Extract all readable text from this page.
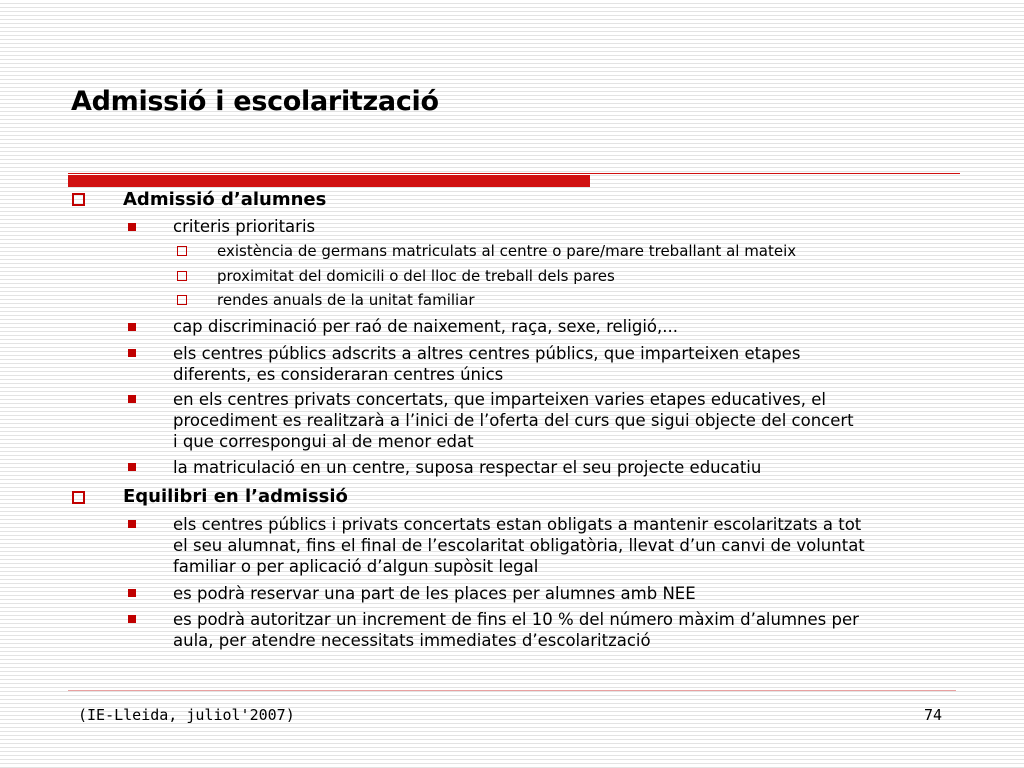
Admissió i escolarització
Admissió d’alumnes
criteris prioritaris
existència de germans matriculats al centre o pare/mare treballant al mateix
proximitat del domicili o del lloc de treball dels pares
rendes anuals de la unitat familiar
cap discriminació per raó de naixement, raça, sexe, religió,...
els centres públics adscrits a altres centres públics, que imparteixen etapes
diferents, es consideraran centres únics
en els centres privats concertats, que imparteixen varies etapes educatives, el
procediment es realitzarà a l’inici de l’oferta del curs que sigui objecte del concert
i que correspongui al de menor edat
la matriculació en un centre, suposa respectar el seu projecte educatiu
Equilibri en l’admissió
els centres públics i privats concertats estan obligats a mantenir escolaritzats a tot
el seu alumnat, fins el final de l’escolaritat obligatòria, llevat d’un canvi de voluntat
familiar o per aplicació d’algun supòsit legal
es podrà reservar una part de les places per alumnes amb NEE
es podrà autoritzar un increment de fins el 10 % del número màxim d’alumnes per
aula, per atendre necessitats immediates d’escolarització
(IE-Lleida, juliol'2007)	74
